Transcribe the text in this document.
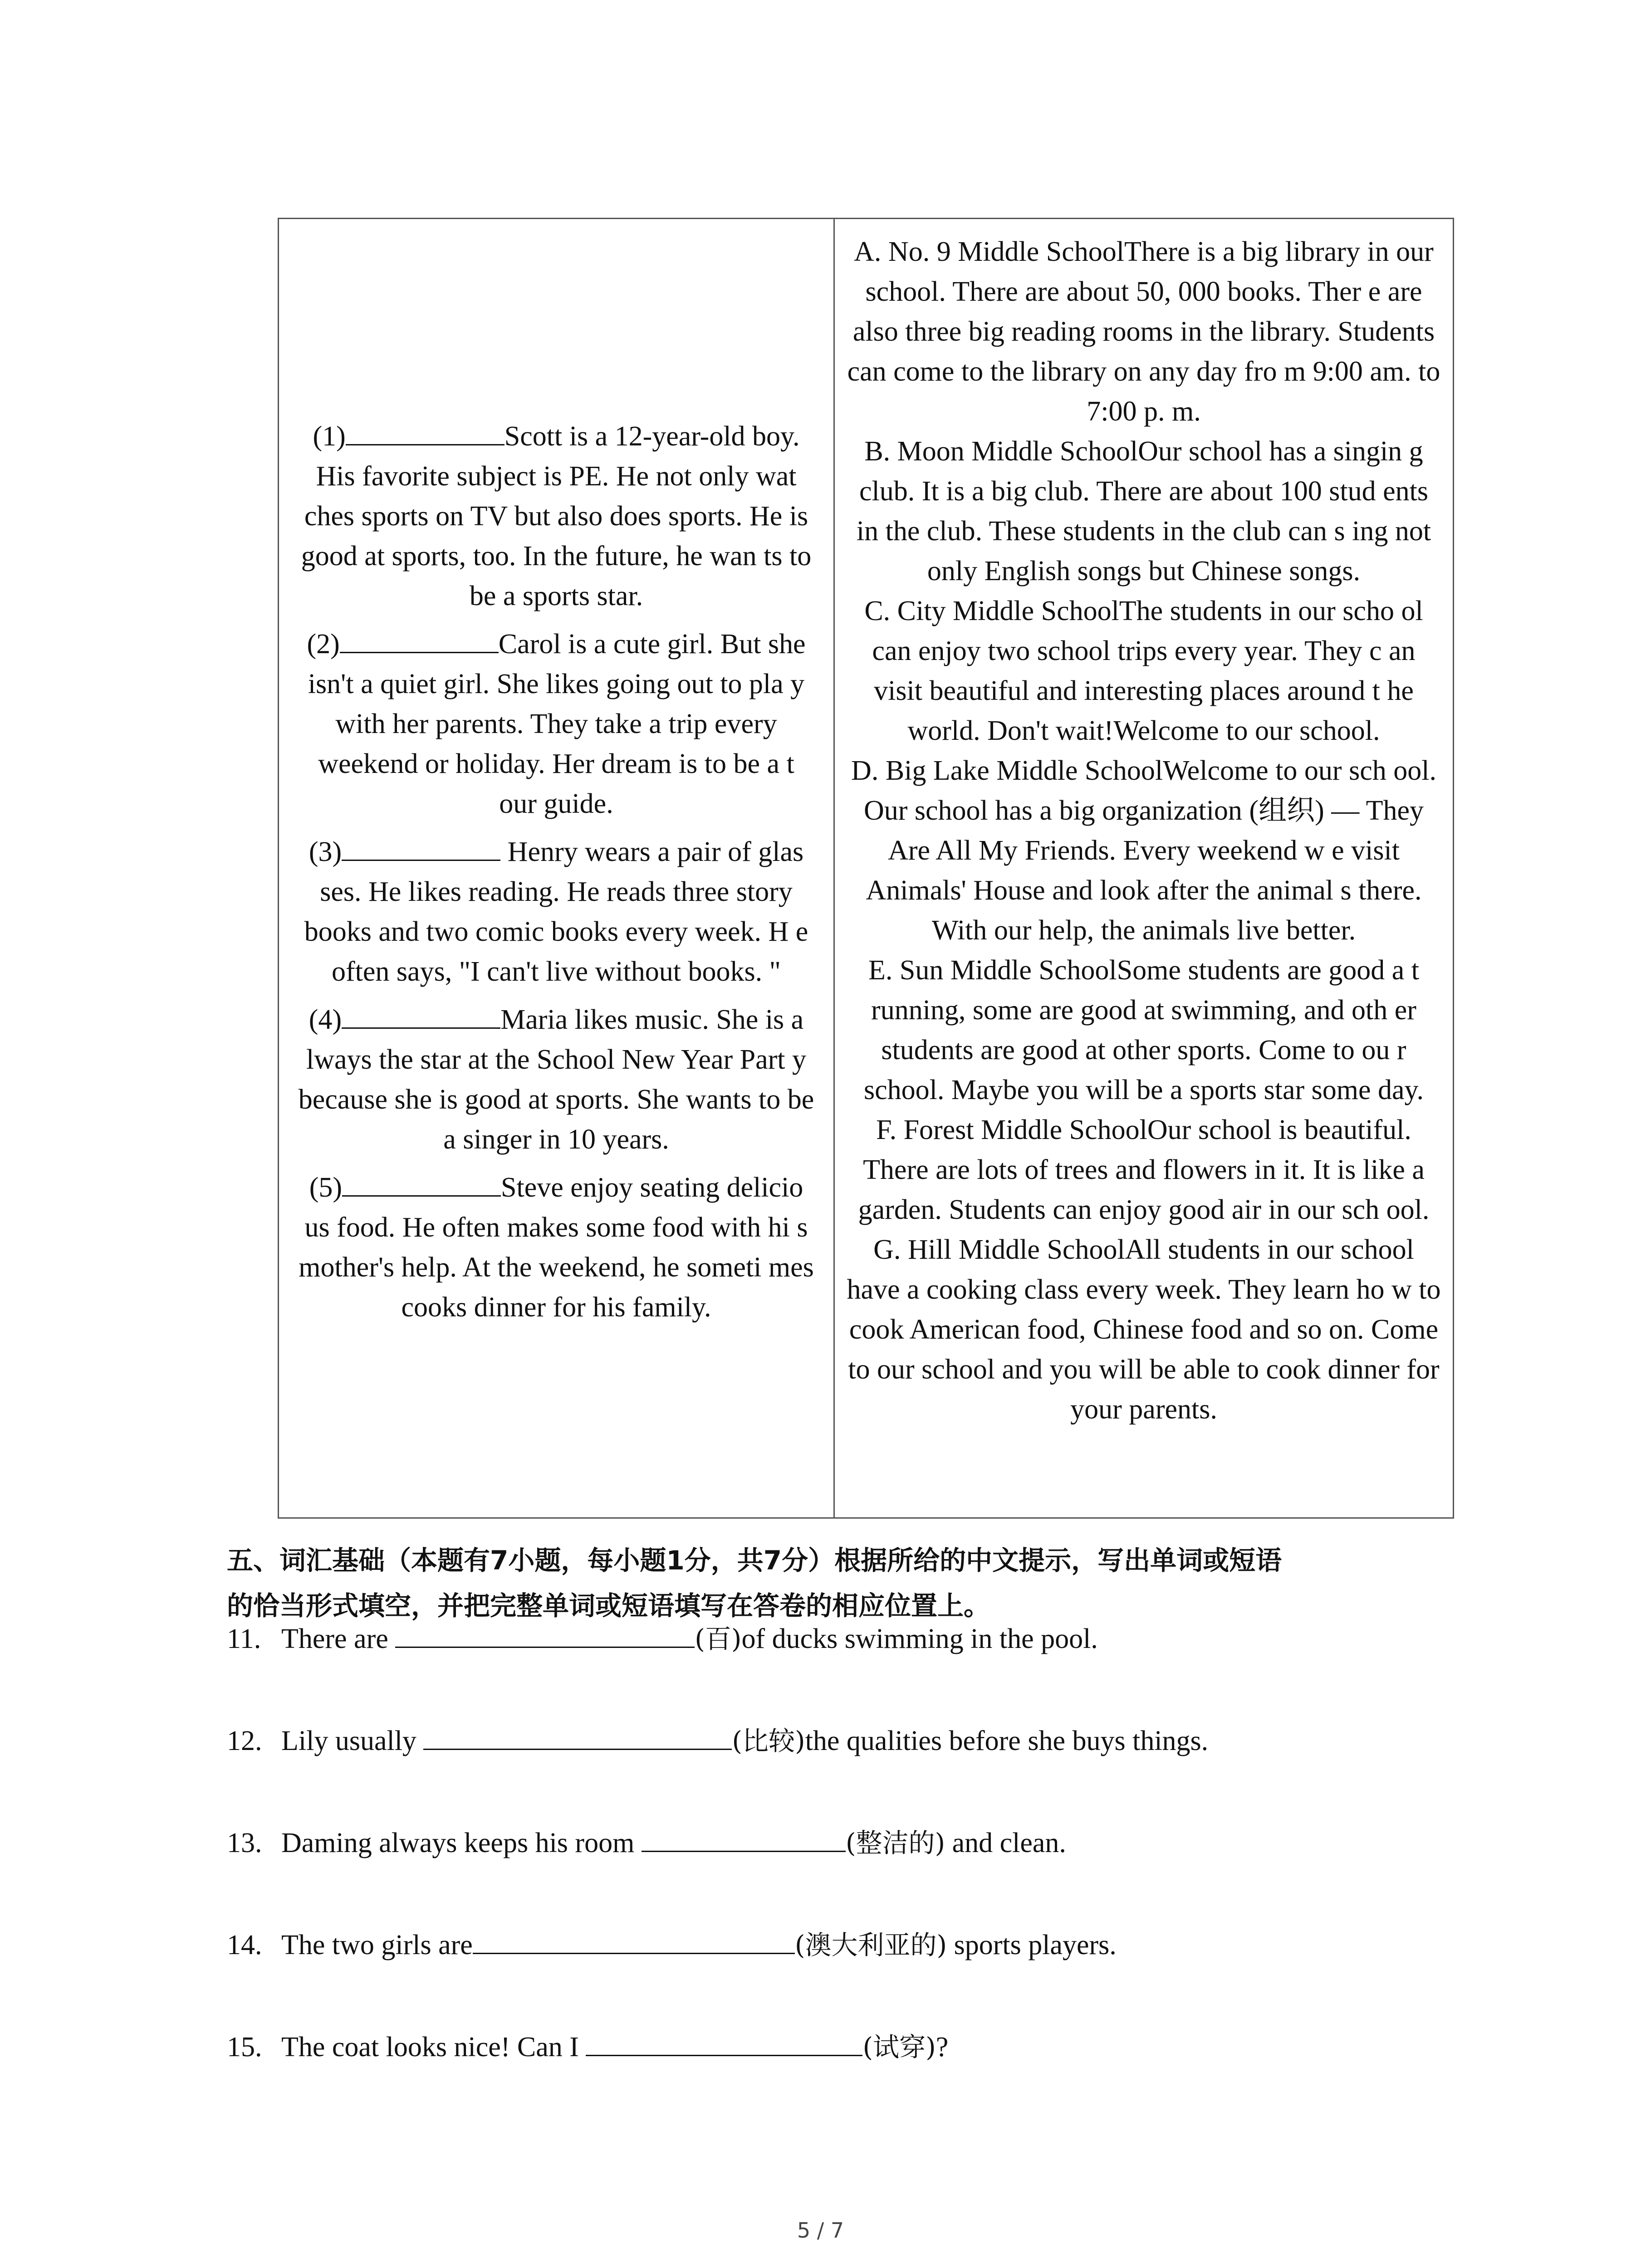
(1)	Scott is a 12-year-old boy. His favorite subject is PE. He not only wat ches sports on TV but also does sports. He is good at sports, too. In the future, he wan ts to be a sports star.

(2)	Carol is a cute girl. But she isn't a quiet girl. She likes going out to pla y with her parents. They take a trip every weekend or holiday. Her dream is to be a t our guide.

(3)	Henry wears a pair of glas ses. He likes reading. He reads three story books and two comic books every week. H e often says, "I can't live without books. "

(4)	Maria likes music. She is a lways the star at the School New Year Part y because she is good at sports. She wants to be a singer in 10 years.

(5)	Steve enjoy seating delicio us food. He often makes some food with hi s mother's help. At the weekend, he someti mes cooks dinner for his family.

A. No. 9 Middle SchoolThere is a big library in our school. There are about 50, 000 books. Ther e are also three big reading rooms in the library. Students can come to the library on any day fro m 9:00 am. to 7:00 p. m.

B. Moon Middle SchoolOur school has a singin g club. It is a big club. There are about 100 stud ents in the club. These students in the club can s ing not only English songs but Chinese songs.

C. City Middle SchoolThe students in our scho ol can enjoy two school trips every year. They c an visit beautiful and interesting places around t he world. Don't wait!Welcome to our school.

D. Big Lake Middle SchoolWelcome to our sch ool. Our school has a big organization (组织) — They Are All My Friends. Every weekend w e visit Animals' House and look after the animal s there. With our help, the animals live better.

E. Sun Middle SchoolSome students are good a t running, some are good at swimming, and oth er students are good at other sports. Come to ou r school. Maybe you will be a sports star some day.

F. Forest Middle SchoolOur school is beautiful. There are lots of trees and flowers in it. It is like a garden. Students can enjoy good air in our sch ool.

G. Hill Middle SchoolAll students in our school have a cooking class every week. They learn ho w to cook American food, Chinese food and so on. Come to our school and you will be able to cook dinner for your parents.

五、词汇基础（本题有7小题，每小题1分，共7分）根据所给的中文提示，写出单词或短语
的恰当形式填空，并把完整单词或短语填写在答卷的相应位置上。
11. There are	(百)of ducks swimming in the pool.
12. Lily usually	(比较)the qualities before she buys things.
13. Daming always keeps his room	(整洁的) and clean.
14. The two girls are	(澳大利亚的) sports players.
15. The coat looks nice! Can I	(试穿)?
5 / 7
